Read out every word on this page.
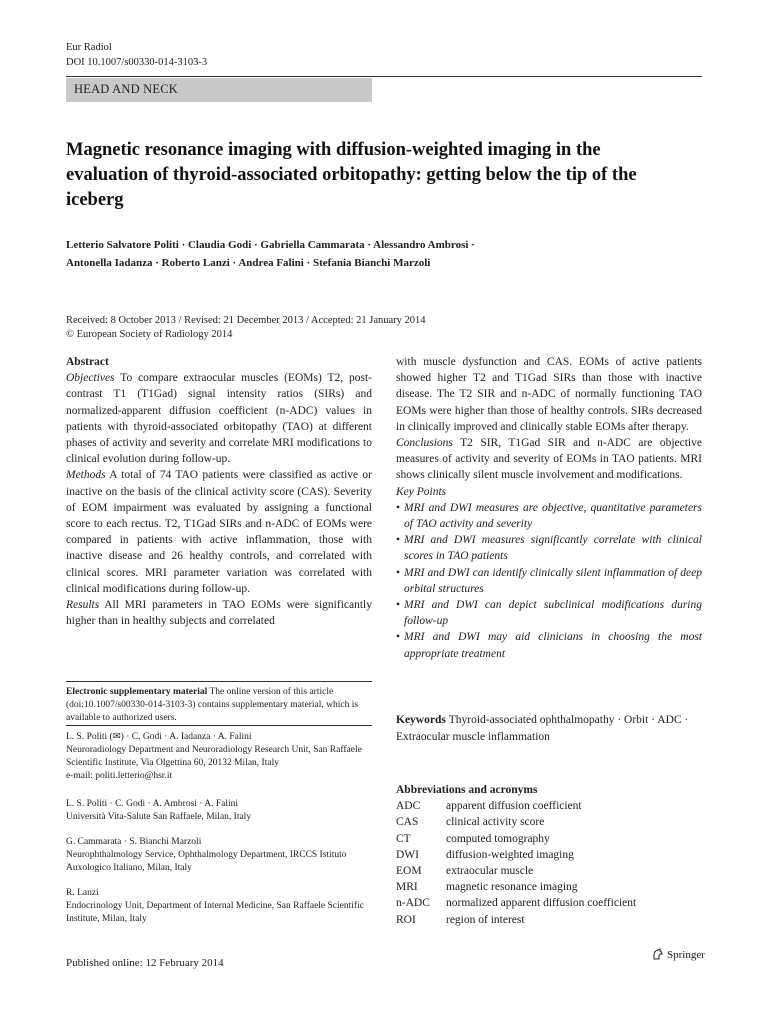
Eur Radiol
DOI 10.1007/s00330-014-3103-3
HEAD AND NECK
Magnetic resonance imaging with diffusion-weighted imaging in the evaluation of thyroid-associated orbitopathy: getting below the tip of the iceberg
Letterio Salvatore Politi · Claudia Godi · Gabriella Cammarata · Alessandro Ambrosi ·
Antonella Iadanza · Roberto Lanzi · Andrea Falini · Stefania Bianchi Marzoli
Received: 8 October 2013 / Revised: 21 December 2013 / Accepted: 21 January 2014
© European Society of Radiology 2014

Abstract

Objectives To compare extraocular muscles (EOMs) T2, post-contrast T1 (T1Gad) signal intensity ratios (SIRs) and normalized-apparent diffusion coefficient (n-ADC) values in patients with thyroid-associated orbitopathy (TAO) at different phases of activity and severity and correlate MRI modifications to clinical evolution during follow-up.

Methods A total of 74 TAO patients were classified as active or inactive on the basis of the clinical activity score (CAS). Severity of EOM impairment was evaluated by assigning a functional score to each rectus. T2, T1Gad SIRs and n-ADC of EOMs were compared in patients with active inflammation, those with inactive disease and 26 healthy controls, and correlated with clinical scores. MRI parameter variation was correlated with clinical modifications during follow-up.

Results All MRI parameters in TAO EOMs were significantly higher than in healthy subjects and correlated

Electronic supplementary material The online version of this article (doi:10.1007/s00330-014-3103-3) contains supplementary material, which is available to authorized users.
L. S. Politi (✉) · C. Godi · A. Iadanza · A. Falini
Neuroradiology Department and Neuroradiology Research Unit, San Raffaele Scientific Institute, Via Olgettina 60, 20132 Milan, Italy
e-mail: politi.letterio@hsr.it
L. S. Politi · C. Godi · A. Ambrosi · A. Falini
Università Vita-Salute San Raffaele, Milan, Italy
G. Cammarata · S. Bianchi Marzoli
Neurophthalmology Service, Ophthalmology Department, IRCCS Istituto Auxologico Italiano, Milan, Italy
R. Lanzi
Endocrinology Unit, Department of Internal Medicine, San Raffaele Scientific Institute, Milan, Italy

with muscle dysfunction and CAS. EOMs of active patients showed higher T2 and T1Gad SIRs than those with inactive disease. The T2 SIR and n-ADC of normally functioning TAO EOMs were higher than those of healthy controls. SIRs decreased in clinically improved and clinically stable EOMs after therapy.

Conclusions T2 SIR, T1Gad SIR and n-ADC are objective measures of activity and severity of EOMs in TAO patients. MRI shows clinically silent muscle involvement and modifications.

Key Points

• MRI and DWI measures are objective, quantitative parameters of TAO activity and severity
• MRI and DWI measures significantly correlate with clinical scores in TAO patients
• MRI and DWI can identify clinically silent inflammation of deep orbital structures
• MRI and DWI can depict subclinical modifications during follow-up
• MRI and DWI may aid clinicians in choosing the most appropriate treatment
Keywords Thyroid-associated ophthalmopathy · Orbit · ADC · Extraocular muscle inflammation
Abbreviations and acronyms
ADC	apparent diffusion coefficient
CAS	clinical activity score
CT	computed tomography
DWI	diffusion-weighted imaging
EOM	extraocular muscle
MRI	magnetic resonance imaging
n-ADC	normalized apparent diffusion coefficient
ROI	region of interest
Published online: 12 February 2014
Springer
